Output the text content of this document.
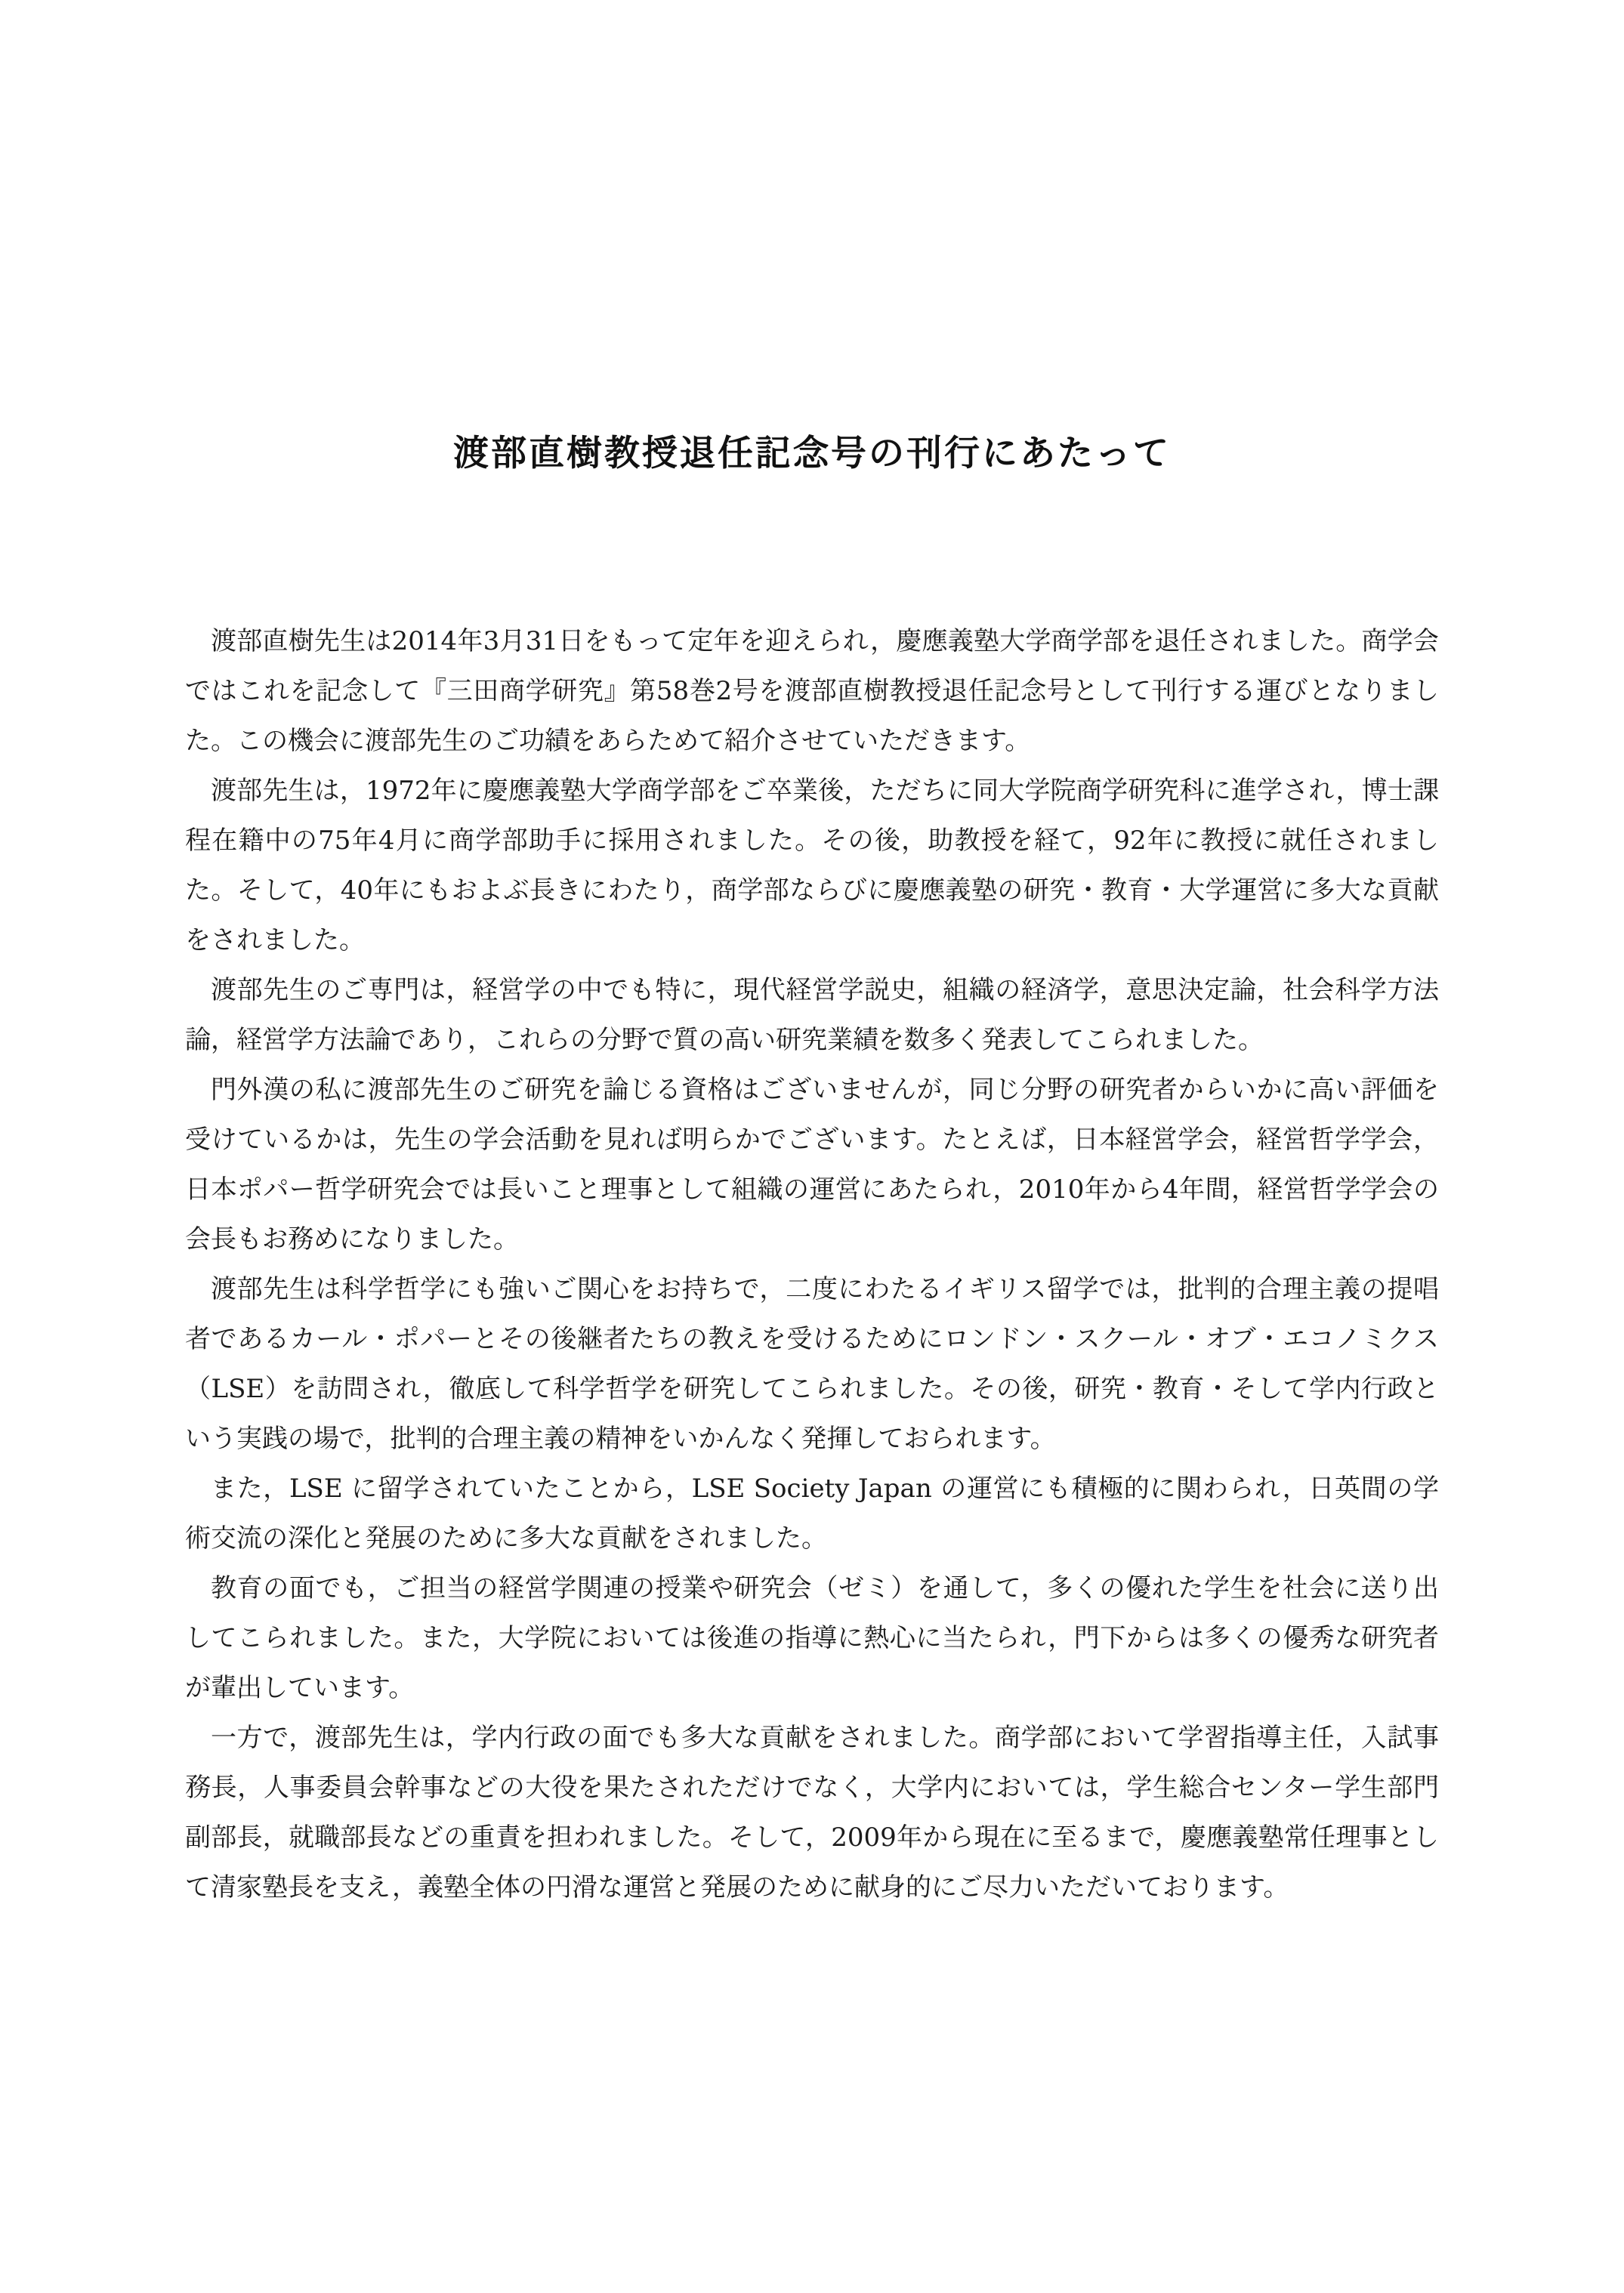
渡部直樹教授退任記念号の刊行にあたって

渡部直樹先生は2014年3月31日をもって定年を迎えられ，慶應義塾大学商学部を退任されました。商学会ではこれを記念して『三田商学研究』第58巻2号を渡部直樹教授退任記念号として刊行する運びとなりました。この機会に渡部先生のご功績をあらためて紹介させていただきます。

渡部先生は，1972年に慶應義塾大学商学部をご卒業後，ただちに同大学院商学研究科に進学され，博士課程在籍中の75年4月に商学部助手に採用されました。その後，助教授を経て，92年に教授に就任されました。そして，40年にもおよぶ長きにわたり，商学部ならびに慶應義塾の研究・教育・大学運営に多大な貢献をされました。

渡部先生のご専門は，経営学の中でも特に，現代経営学説史，組織の経済学，意思決定論，社会科学方法論，経営学方法論であり，これらの分野で質の高い研究業績を数多く発表してこられました。

門外漢の私に渡部先生のご研究を論じる資格はございませんが，同じ分野の研究者からいかに高い評価を受けているかは，先生の学会活動を見れば明らかでございます。たとえば，日本経営学会，経営哲学学会，日本ポパー哲学研究会では長いこと理事として組織の運営にあたられ，2010年から4年間，経営哲学学会の会長もお務めになりました。

渡部先生は科学哲学にも強いご関心をお持ちで，二度にわたるイギリス留学では，批判的合理主義の提唱者であるカール・ポパーとその後継者たちの教えを受けるためにロンドン・スクール・オブ・エコノミクス（LSE）を訪問され，徹底して科学哲学を研究してこられました。その後，研究・教育・そして学内行政という実践の場で，批判的合理主義の精神をいかんなく発揮しておられます。

また，LSE に留学されていたことから，LSE Society Japan の運営にも積極的に関わられ，日英間の学術交流の深化と発展のために多大な貢献をされました。

教育の面でも，ご担当の経営学関連の授業や研究会（ゼミ）を通して，多くの優れた学生を社会に送り出してこられました。また，大学院においては後進の指導に熱心に当たられ，門下からは多くの優秀な研究者が輩出しています。

一方で，渡部先生は，学内行政の面でも多大な貢献をされました。商学部において学習指導主任，入試事務長，人事委員会幹事などの大役を果たされただけでなく，大学内においては，学生総合センター学生部門副部長，就職部長などの重責を担われました。そして，2009年から現在に至るまで，慶應義塾常任理事として清家塾長を支え，義塾全体の円滑な運営と発展のために献身的にご尽力いただいております。
